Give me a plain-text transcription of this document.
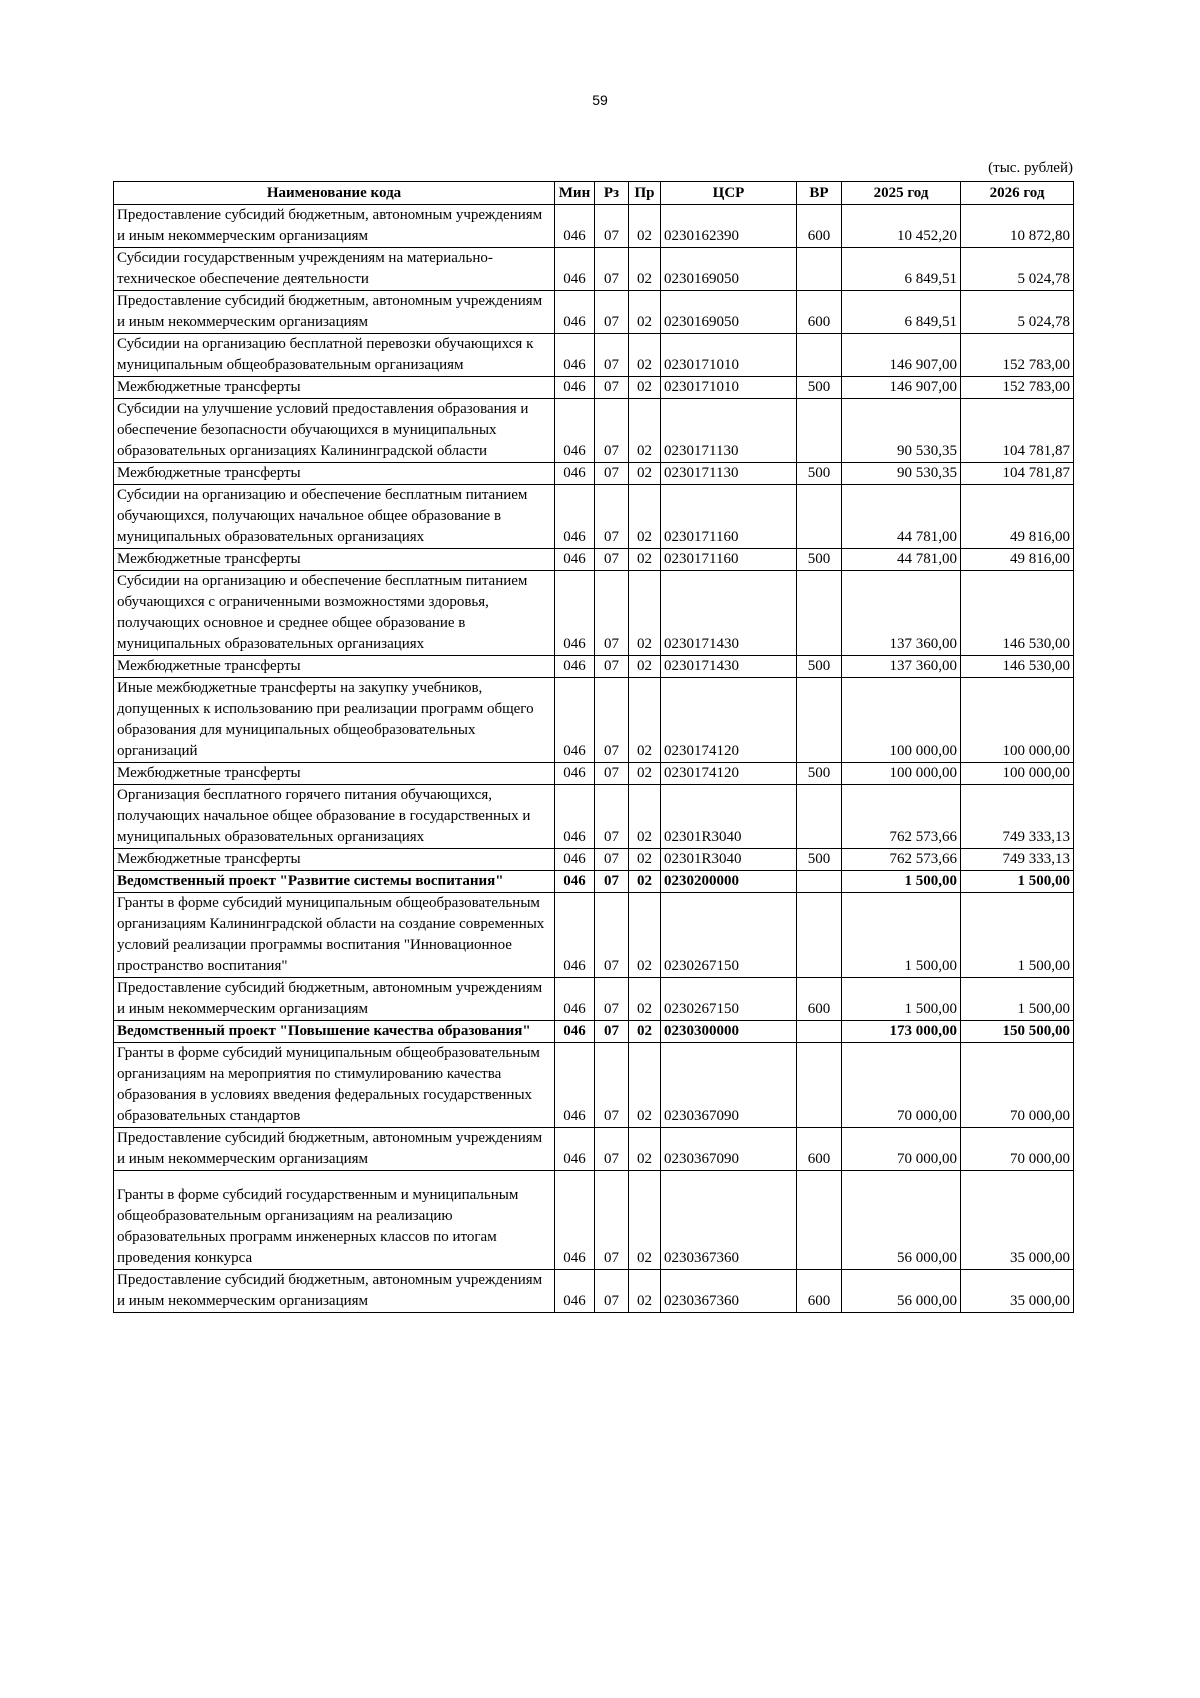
59
(тыс. рублей)
Наименование кода	Мин	Рз	Пр	ЦСР	ВР	2025 год	2026 год
Предоставление субсидий бюджетным, автономным учреждениям и иным некоммерческим организациям	046	07	02	0230162390	600	10 452,20	10 872,80
Субсидии государственным учреждениям на материально-техническое обеспечение деятельности	046	07	02	0230169050		6 849,51	5 024,78
Предоставление субсидий бюджетным, автономным учреждениям и иным некоммерческим организациям	046	07	02	0230169050	600	6 849,51	5 024,78
Субсидии на организацию бесплатной перевозки обучающихся к муниципальным общеобразовательным организациям	046	07	02	0230171010		146 907,00	152 783,00
Межбюджетные трансферты	046	07	02	0230171010	500	146 907,00	152 783,00
Субсидии на улучшение условий предоставления образования и обеспечение безопасности обучающихся в муниципальных образовательных организациях Калининградской области	046	07	02	0230171130		90 530,35	104 781,87
Межбюджетные трансферты	046	07	02	0230171130	500	90 530,35	104 781,87
Субсидии на организацию и обеспечение бесплатным питанием обучающихся, получающих начальное общее образование в муниципальных образовательных организациях	046	07	02	0230171160		44 781,00	49 816,00
Межбюджетные трансферты	046	07	02	0230171160	500	44 781,00	49 816,00
Субсидии на организацию и обеспечение бесплатным питанием обучающихся с ограниченными возможностями здоровья, получающих основное и среднее общее образование в муниципальных образовательных организациях	046	07	02	0230171430		137 360,00	146 530,00
Межбюджетные трансферты	046	07	02	0230171430	500	137 360,00	146 530,00
Иные межбюджетные трансферты на закупку учебников, допущенных к использованию при реализации программ общего образования для муниципальных общеобразовательных организаций	046	07	02	0230174120		100 000,00	100 000,00
Межбюджетные трансферты	046	07	02	0230174120	500	100 000,00	100 000,00
Организация бесплатного горячего питания обучающихся, получающих начальное общее образование в государственных и муниципальных образовательных организациях	046	07	02	02301R3040		762 573,66	749 333,13
Межбюджетные трансферты	046	07	02	02301R3040	500	762 573,66	749 333,13
Ведомственный проект "Развитие системы воспитания"	046	07	02	0230200000		1 500,00	1 500,00
Гранты в форме субсидий муниципальным общеобразовательным организациям Калининградской области на создание современных условий реализации программы воспитания "Инновационное пространство воспитания"	046	07	02	0230267150		1 500,00	1 500,00
Предоставление субсидий бюджетным, автономным учреждениям и иным некоммерческим организациям	046	07	02	0230267150	600	1 500,00	1 500,00
Ведомственный проект "Повышение качества образования"	046	07	02	0230300000		173 000,00	150 500,00
Гранты в форме субсидий муниципальным общеобразовательным организациям на мероприятия по стимулированию качества образования в условиях введения федеральных государственных образовательных стандартов	046	07	02	0230367090		70 000,00	70 000,00
Предоставление субсидий бюджетным, автономным учреждениям и иным некоммерческим организациям	046	07	02	0230367090	600	70 000,00	70 000,00
Гранты в форме субсидий государственным и муниципальным общеобразовательным организациям на реализацию образовательных программ инженерных классов по итогам проведения конкурса	046	07	02	0230367360		56 000,00	35 000,00
Предоставление субсидий бюджетным, автономным учреждениям и иным некоммерческим организациям	046	07	02	0230367360	600	56 000,00	35 000,00
